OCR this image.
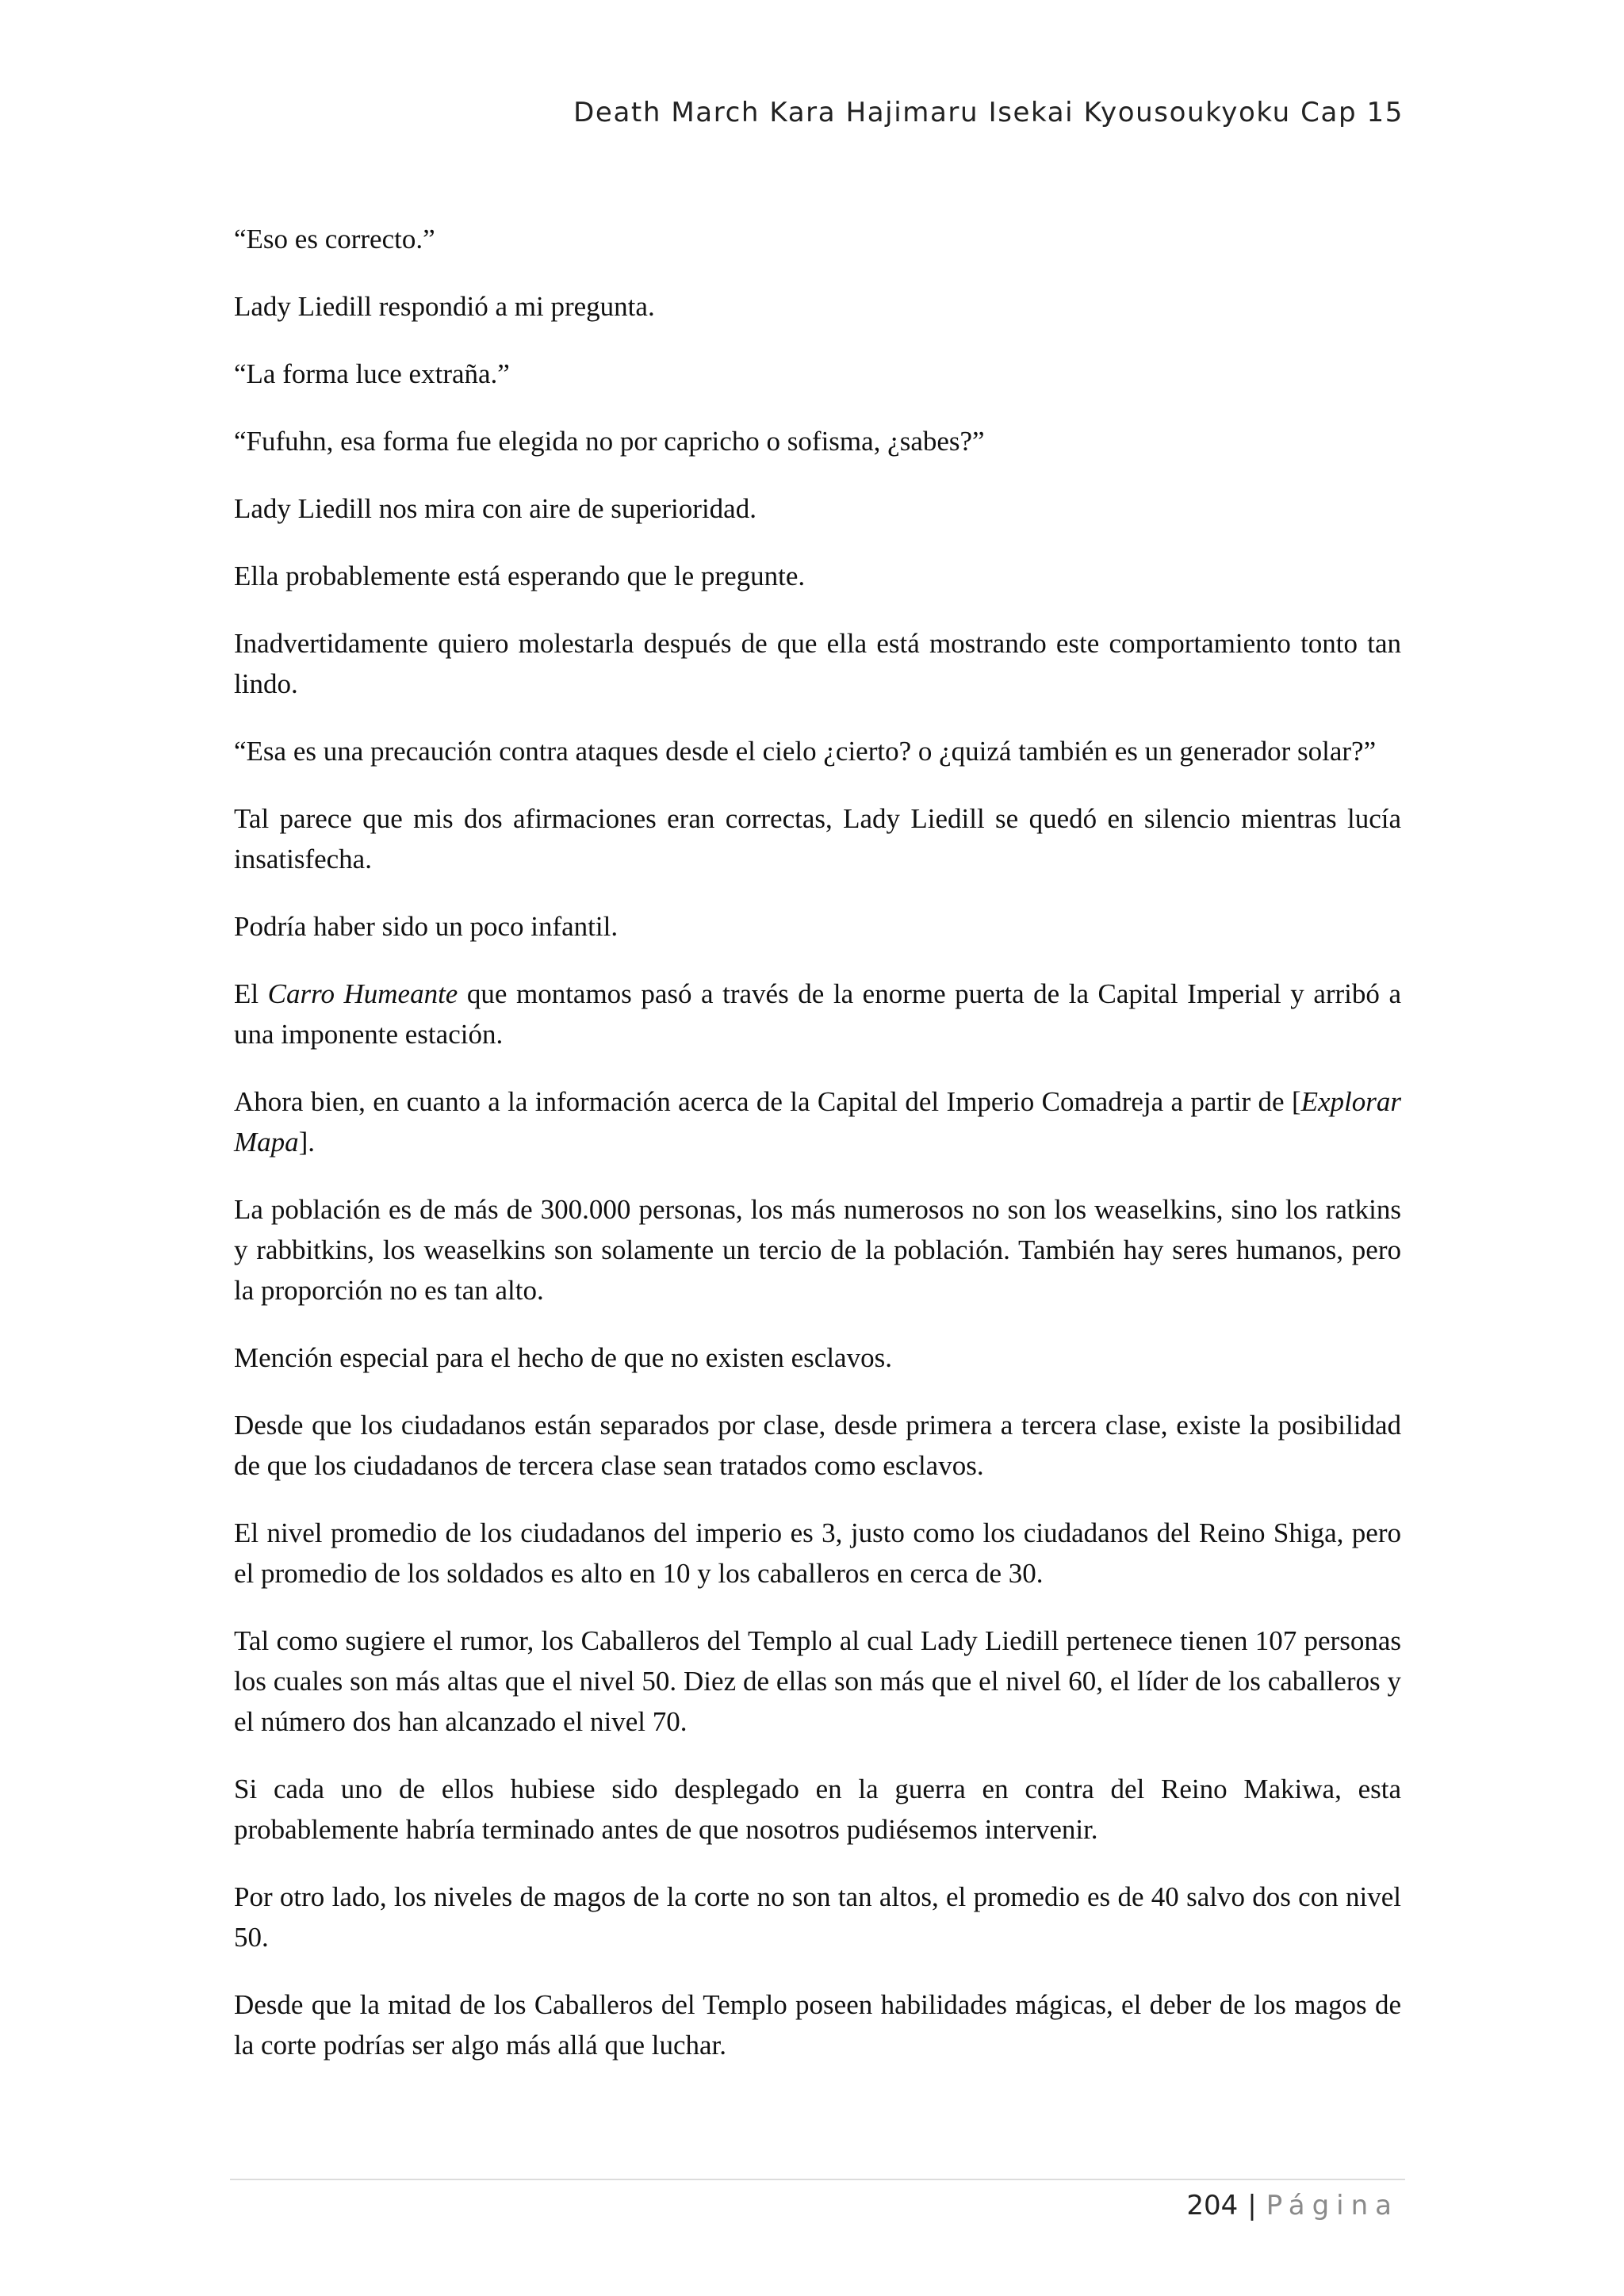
Death March Kara Hajimaru Isekai Kyousoukyoku Cap 15

“Eso es correcto.”

Lady Liedill respondió a mi pregunta.

“La forma luce extraña.”

“Fufuhn, esa forma fue elegida no por capricho o sofisma, ¿sabes?”

Lady Liedill nos mira con aire de superioridad.

Ella probablemente está esperando que le pregunte.

Inadvertidamente quiero molestarla después de que ella está mostrando este comportamiento tonto tan lindo.

“Esa es una precaución contra ataques desde el cielo ¿cierto? o ¿quizá también es un generador solar?”

Tal parece que mis dos afirmaciones eran correctas, Lady Liedill se quedó en silencio mientras lucía insatisfecha.

Podría haber sido un poco infantil.

El Carro Humeante que montamos pasó a través de la enorme puerta de la Capital Imperial y arribó a una imponente estación.

Ahora bien, en cuanto a la información acerca de la Capital del Imperio Comadreja a partir de [Explorar Mapa].

La población es de más de 300.000 personas, los más numerosos no son los weaselkins, sino los ratkins y rabbitkins, los weaselkins son solamente un tercio de la población. También hay seres humanos, pero la proporción no es tan alto.

Mención especial para el hecho de que no existen esclavos.

Desde que los ciudadanos están separados por clase, desde primera a tercera clase, existe la posibilidad de que los ciudadanos de tercera clase sean tratados como esclavos.

El nivel promedio de los ciudadanos del imperio es 3, justo como los ciudadanos del Reino Shiga, pero el promedio de los soldados es alto en 10 y los caballeros en cerca de 30.

Tal como sugiere el rumor, los Caballeros del Templo al cual Lady Liedill pertenece tienen 107 personas los cuales son más altas que el nivel 50. Diez de ellas son más que el nivel 60, el líder de los caballeros y el número dos han alcanzado el nivel 70.

Si cada uno de ellos hubiese sido desplegado en la guerra en contra del Reino Makiwa, esta probablemente habría terminado antes de que nosotros pudiésemos intervenir.

Por otro lado, los niveles de magos de la corte no son tan altos, el promedio es de 40 salvo dos con nivel 50.

Desde que la mitad de los Caballeros del Templo poseen habilidades mágicas, el deber de los magos de la corte podrías ser algo más allá que luchar.

204 | Página
